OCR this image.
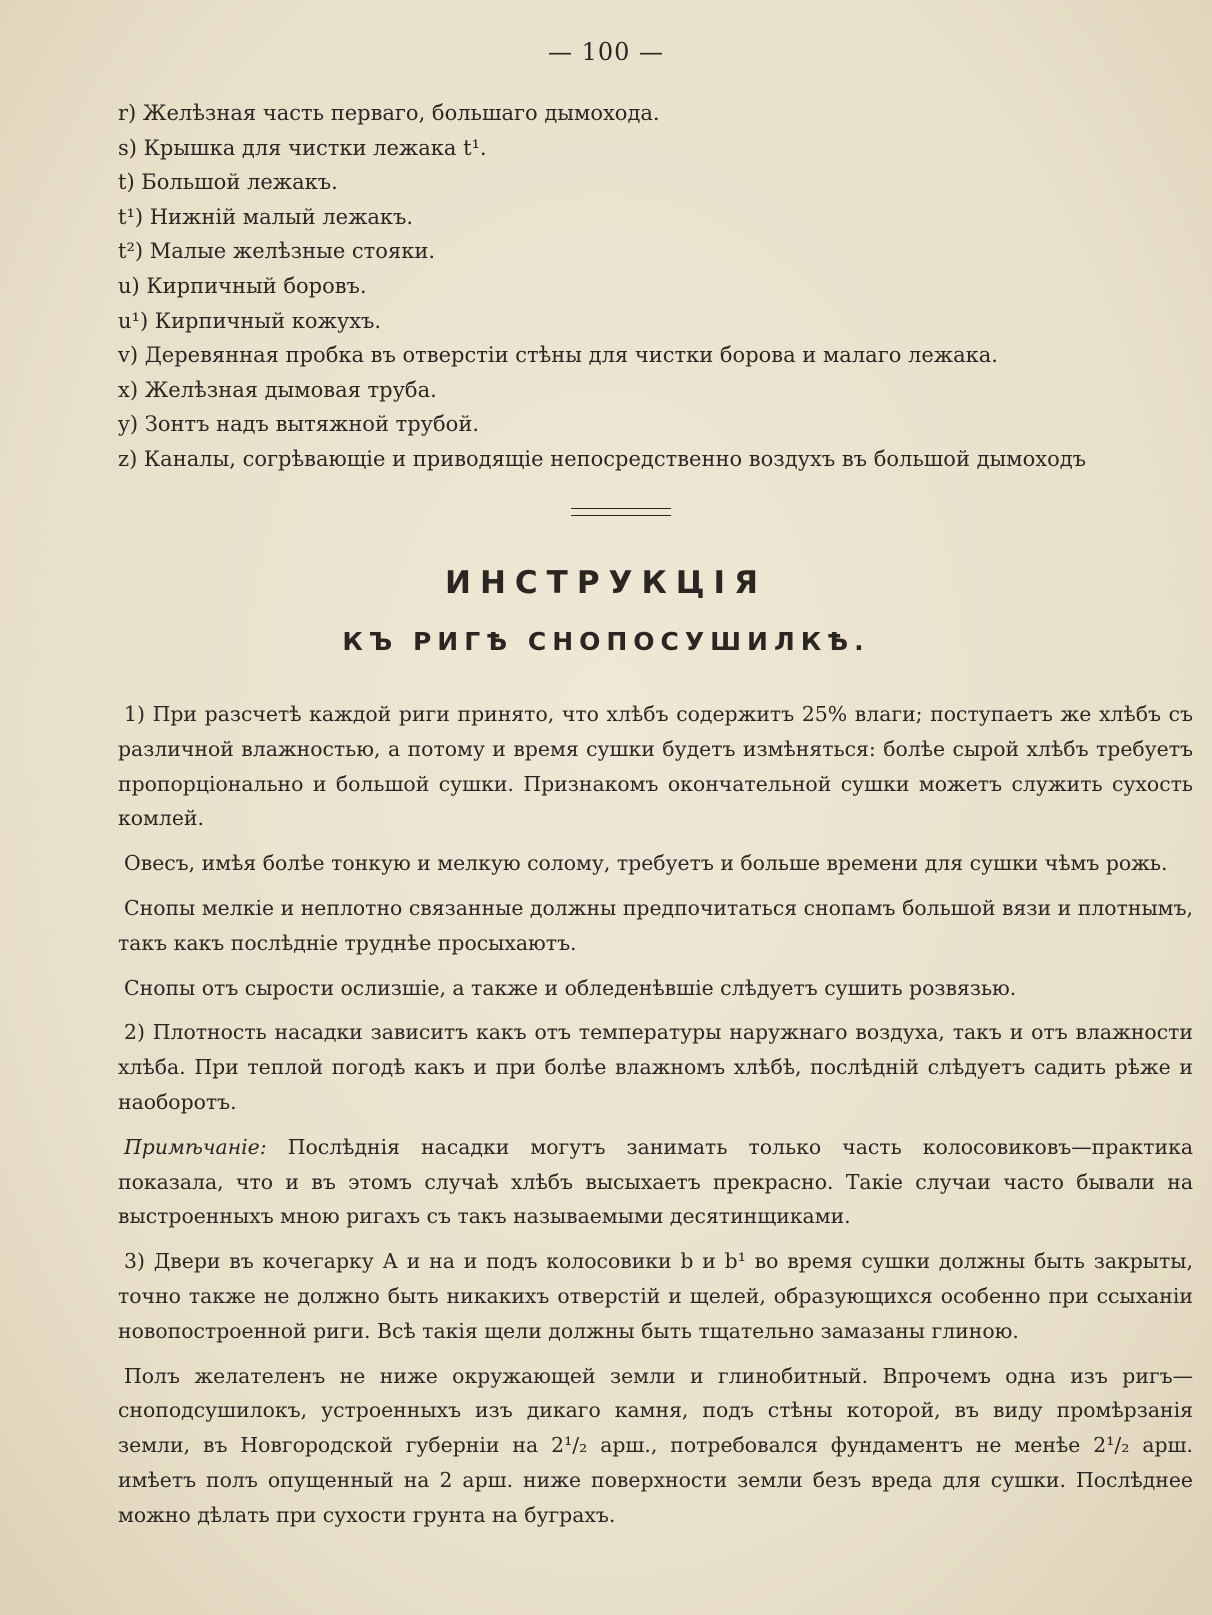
— 100 —
r) Желѣзная часть перваго, большаго дымохода.
s) Крышка для чистки лежака t¹.
t) Большой лежакъ.
t¹) Нижній малый лежакъ.
t²) Малые желѣзные стояки.
u) Кирпичный боровъ.
u¹) Кирпичный кожухъ.
v) Деревянная пробка въ отверстіи стѣны для чистки борова и малаго лежака.
x) Желѣзная дымовая труба.
y) Зонтъ надъ вытяжной трубой.
z) Каналы, согрѣвающіе и приводящіе непосредственно воздухъ въ большой дымоходъ
ИНСТРУКЦІЯ
КЪ РИГѢ СНОПОСУШИЛКѢ.

1) При разсчетѣ каждой риги принято, что хлѣбъ содержитъ 25% влаги; поступаетъ же хлѣбъ съ различной влажностью, а потому и время сушки будетъ измѣняться: болѣе сырой хлѣбъ требуетъ пропорціонально и большой сушки. Признакомъ окончательной сушки можетъ служить сухость комлей.

Овесъ, имѣя болѣе тонкую и мелкую солому, требуетъ и больше времени для сушки чѣмъ рожь.

Снопы мелкіе и неплотно связанные должны предпочитаться снопамъ большой вязи и плотнымъ, такъ какъ послѣдніе труднѣе просыхаютъ.

Снопы отъ сырости ослизшіе, а также и обледенѣвшіе слѣдуетъ сушить розвязью.

2) Плотность насадки зависитъ какъ отъ температуры наружнаго воздуха, такъ и отъ влажности хлѣба. При теплой погодѣ какъ и при болѣе влажномъ хлѣбѣ, послѣдній слѣдуетъ садить рѣже и наоборотъ.

Примѣчаніе: Послѣднія насадки могутъ занимать только часть колосовиковъ—практика показала, что и въ этомъ случаѣ хлѣбъ высыхаетъ прекрасно. Такіе случаи часто бывали на выстроенныхъ мною ригахъ съ такъ называемыми десятинщиками.

3) Двери въ кочегарку А и на и подъ колосовики b и b¹ во время сушки должны быть закрыты, точно также не должно быть никакихъ отверстій и щелей, образующихся особенно при ссыханіи новопостроенной риги. Всѣ такія щели должны быть тщательно замазаны глиною.

Полъ желателенъ не ниже окружающей земли и глинобитный. Впрочемъ одна изъ ригъ—сноподсушилокъ, устроенныхъ изъ дикаго камня, подъ стѣны которой, въ виду промѣрзанія земли, въ Новгородской губерніи на 2¹/₂ арш., потребовался фундаментъ не менѣе 2¹/₂ арш. имѣетъ полъ опущенный на 2 арш. ниже поверхности земли безъ вреда для сушки. Послѣднее можно дѣлать при сухости грунта на буграхъ.
